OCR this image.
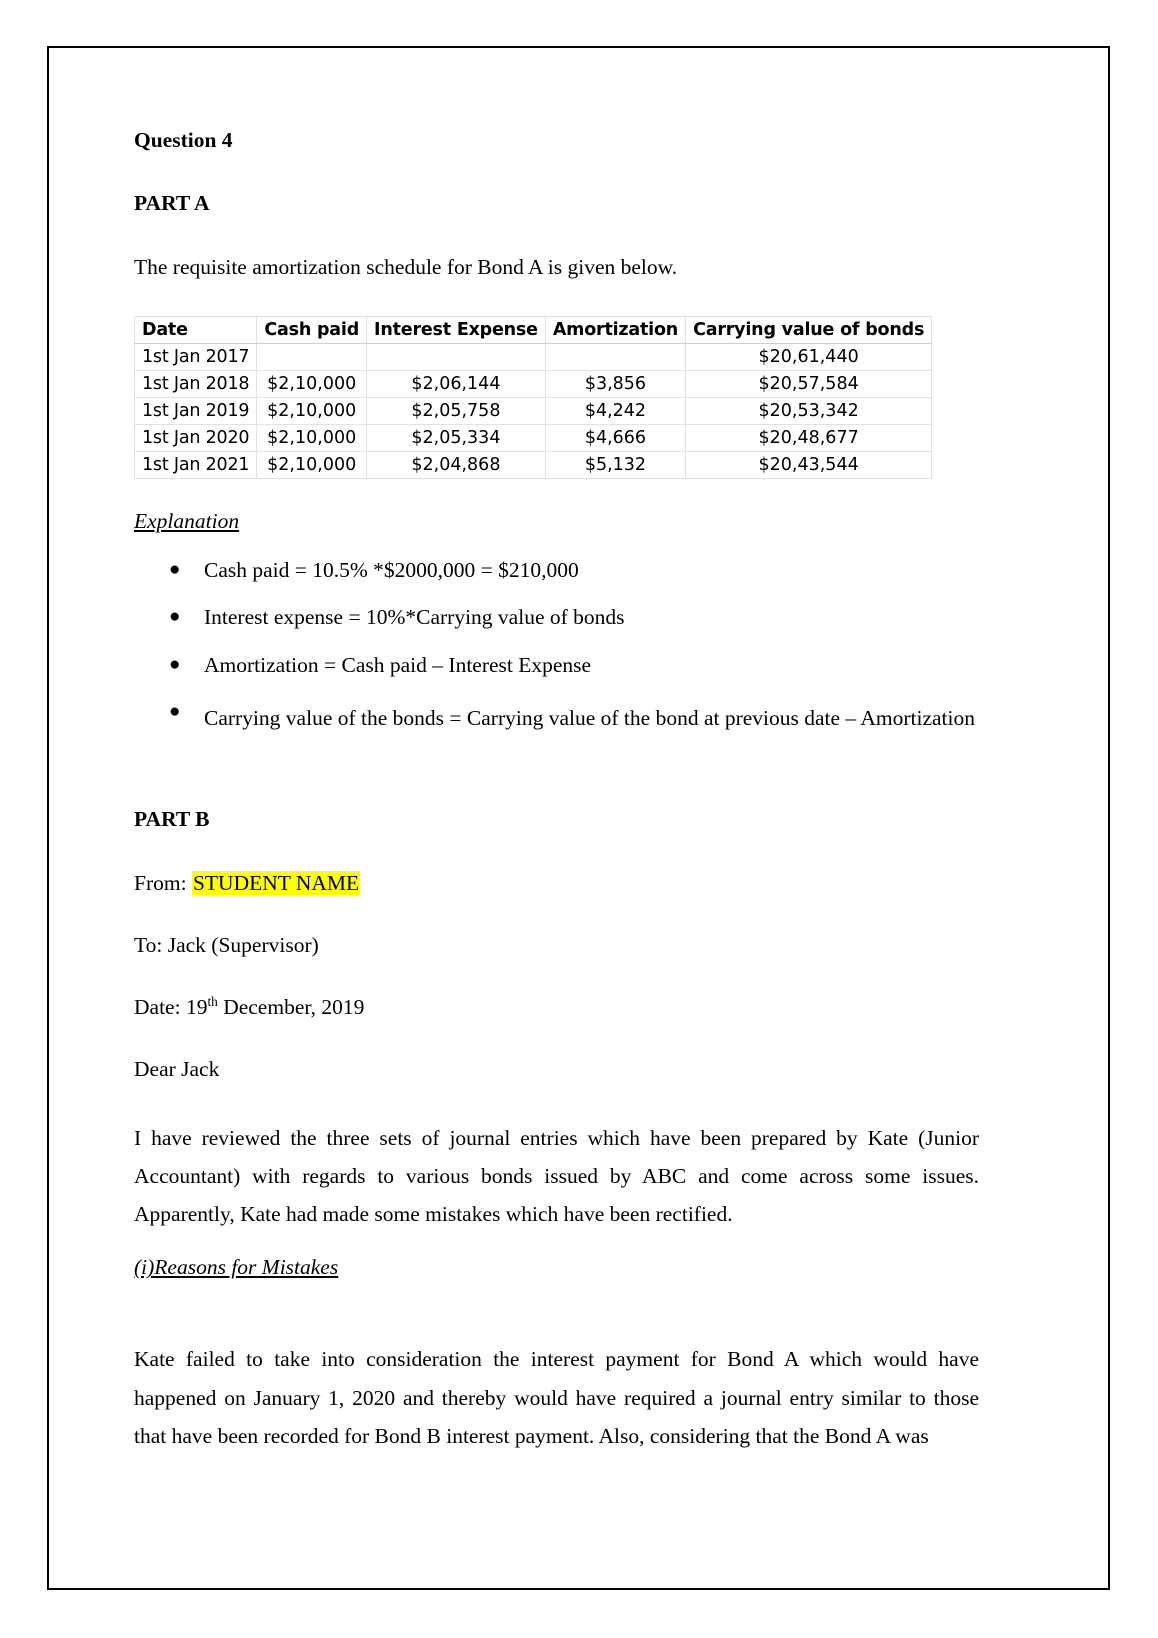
Question 4
PART A
The requisite amortization schedule for Bond A is given below.
Date	Cash paid	Interest Expense	Amortization	Carrying value of bonds
1st Jan 2017				$20,61,440
1st Jan 2018	$2,10,000	$2,06,144	$3,856	$20,57,584
1st Jan 2019	$2,10,000	$2,05,758	$4,242	$20,53,342
1st Jan 2020	$2,10,000	$2,05,334	$4,666	$20,48,677
1st Jan 2021	$2,10,000	$2,04,868	$5,132	$20,43,544
Explanation
● Cash paid = 10.5% *$2000,000 = $210,000
● Interest expense = 10%*Carrying value of bonds
● Amortization = Cash paid – Interest Expense
● Carrying value of the bonds = Carrying value of the bond at previous date – Amortization
PART B
From: STUDENT NAME
To: Jack (Supervisor)
Date: 19th December, 2019
Dear Jack
I have reviewed the three sets of journal entries which have been prepared by Kate (Junior Accountant) with regards to various bonds issued by ABC and come across some issues. Apparently, Kate had made some mistakes which have been rectified.
(i)Reasons for Mistakes
Kate failed to take into consideration the interest payment for Bond A which would have happened on January 1, 2020 and thereby would have required a journal entry similar to those that have been recorded for Bond B interest payment. Also, considering that the Bond A was
